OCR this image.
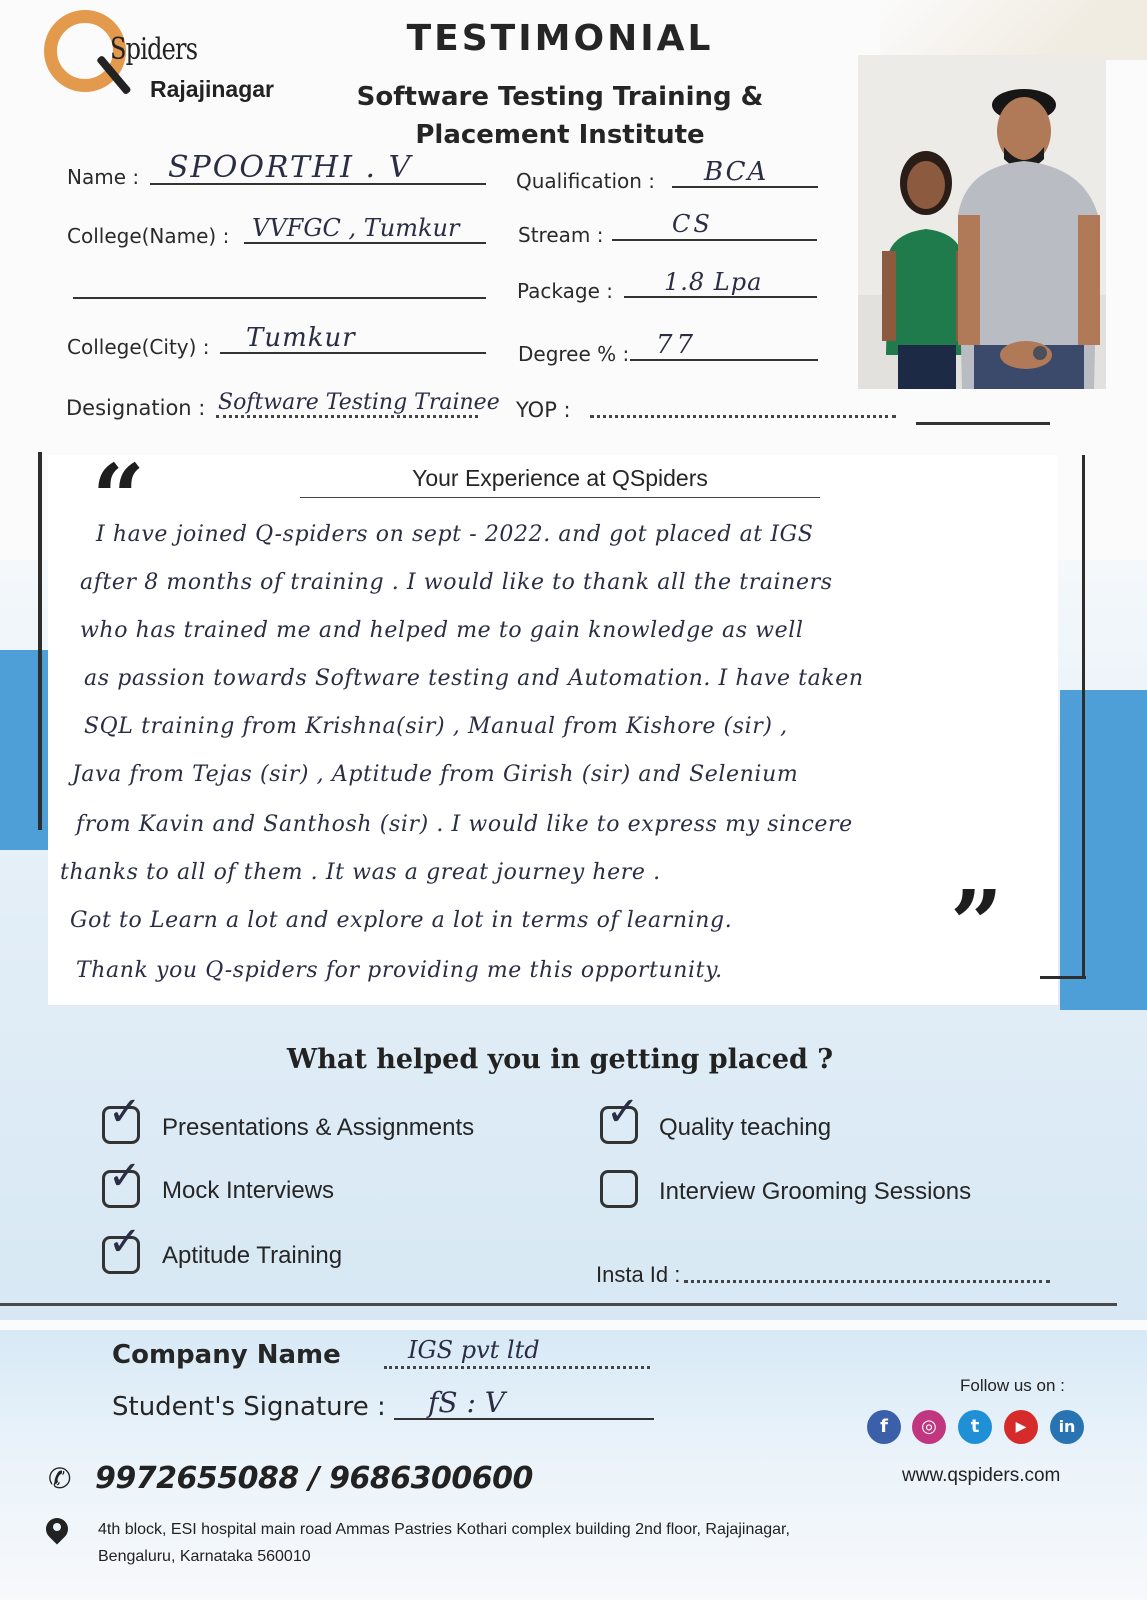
Spiders
Rajajinagar
TESTIMONIAL
Software Testing Training &
Placement Institute
Name : SPOORTHI . V
College(Name) : VVFGC , Tumkur
College(City) : Tumkur
Designation : Software Testing Trainee
Qualification : BCA
Stream :	CS
Package : 1.8 Lpa
Degree % : 77
YOP :
Your Experience at QSpiders
“
”
I have joined Q-spiders on sept - 2022. and got placed at IGS
after 8 months of training . I would like to thank all the trainers
who has trained me and helped me to gain knowledge as well
as passion towards Software testing and Automation. I have taken
SQL training from Krishna(sir) , Manual from Kishore (sir) ,
Java from Tejas (sir) , Aptitude from Girish (sir) and Selenium
from Kavin and Santhosh (sir) . I would like to express my sincere
thanks to all of them . It was a great journey here .
Got to Learn a lot and explore a lot in terms of learning.
Thank you Q-spiders for providing me this opportunity.
What helped you in getting placed ?
✓ Presentations & Assignments	✓ Quality teaching
✓ Mock Interviews	Interview Grooming Sessions
✓ Aptitude Training
Insta Id :
Company Name	IGS pvt ltd
Student's Signature : fS : V
Follow us on :
f	◎	t	▶	in
www.qspiders.com
✆ 9972655088 / 9686300600
4th block, ESI hospital main road Ammas Pastries Kothari complex building 2nd floor, Rajajinagar,
Bengaluru, Karnataka 560010
